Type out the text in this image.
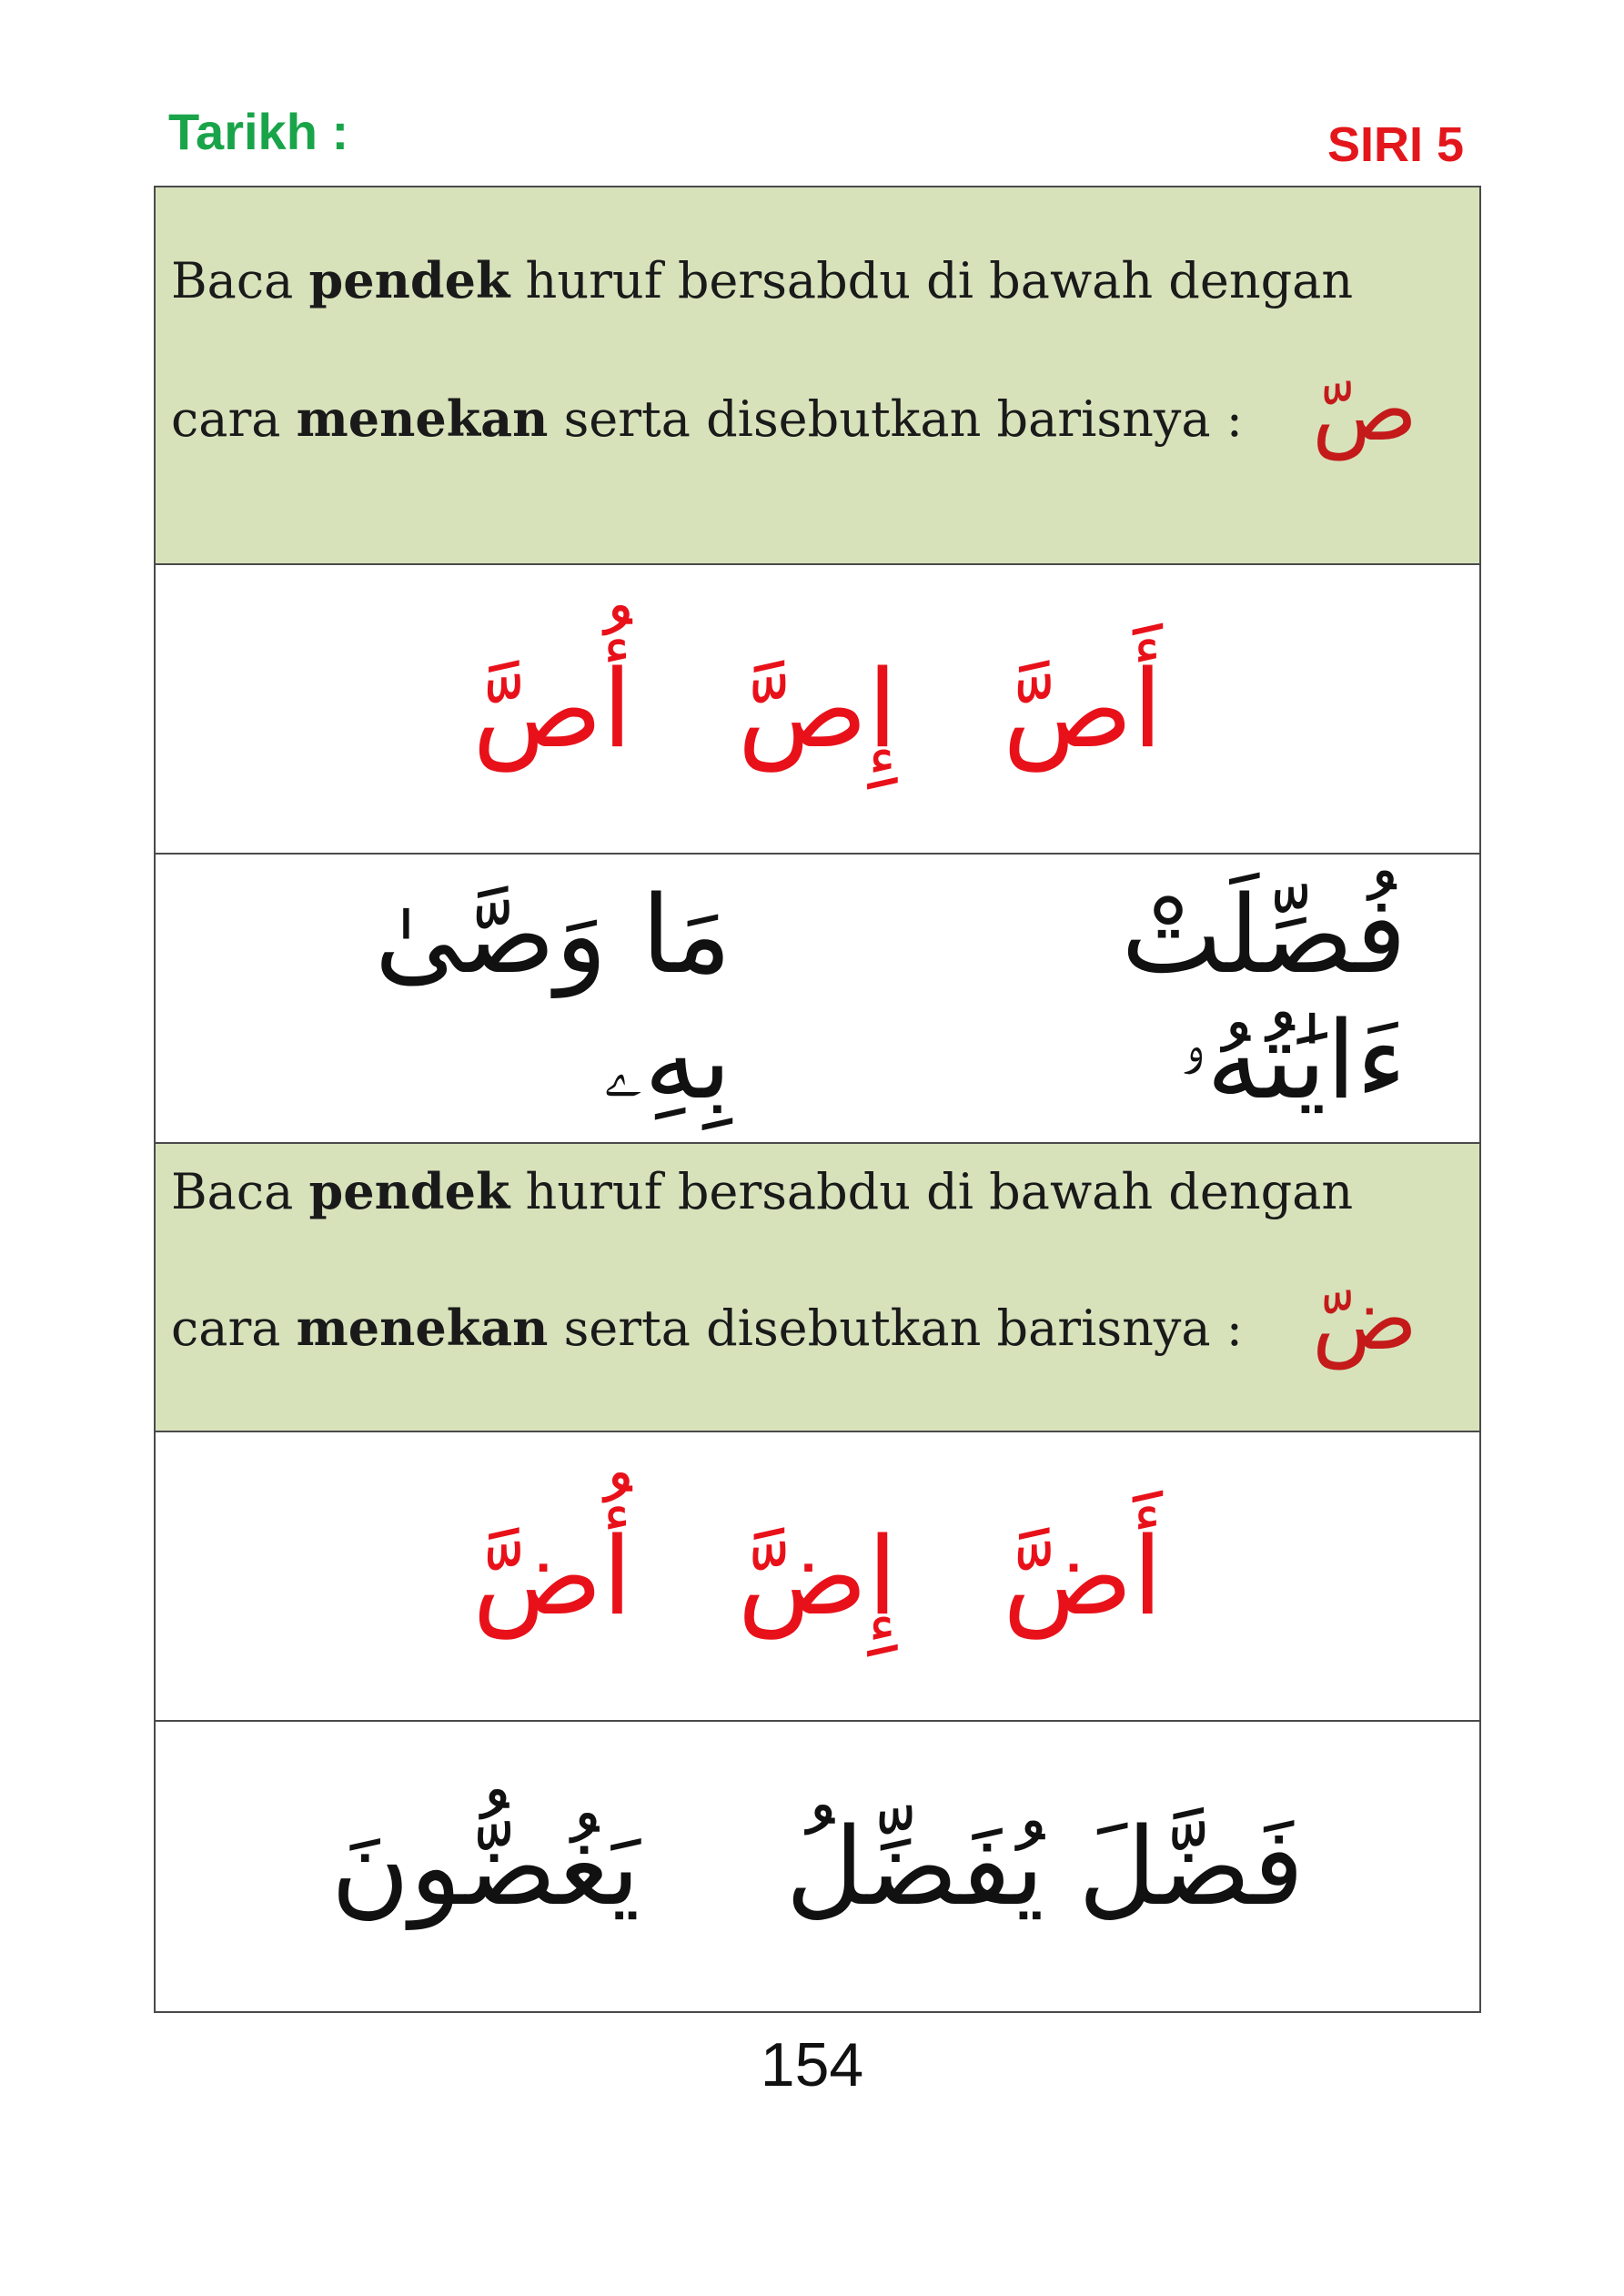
Tarikh :	SIRI 5
Baca pendek huruf bersabdu di bawah dengan
cara menekan serta disebutkan barisnya : صّ
أَصَّ
إِصَّ
أُصَّ
فُصِّلَتْ ءَايَٰتُهُۥ
مَا وَصَّىٰ بِهِۦ
Baca pendek huruf bersabdu di bawah dengan
cara menekan serta disebutkan barisnya : ضّ
أَضَّ
إِضَّ
أُضَّ
فَضَّلَ يُفَضِّلُ
يَغُضُّونَ
154
